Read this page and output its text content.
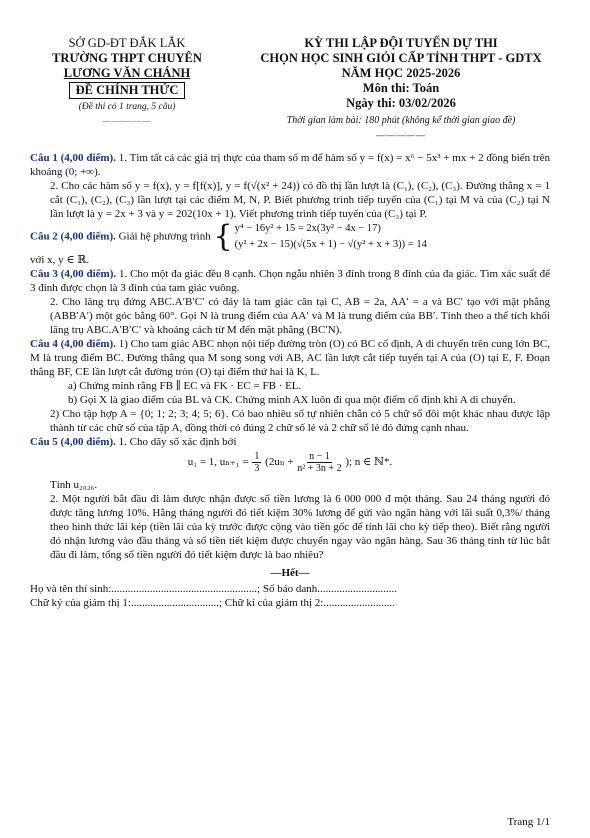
SỞ GD-ĐT ĐẮK LẮK
TRƯỜNG THPT CHUYÊN
LƯƠNG VĂN CHÁNH
ĐỀ CHÍNH THỨC
(Đề thi có 1 trang, 5 câu)
—————
KỲ THI LẬP ĐỘI TUYỂN DỰ THI
CHỌN HỌC SINH GIỎI CẤP TỈNH THPT - GDTX
NĂM HỌC 2025-2026
Môn thi: Toán
Ngày thi: 03/02/2026
Thời gian làm bài: 180 phút (không kể thời gian giao đề)
—————

Câu 1 (4,00 điểm). 1. Tìm tất cả các giá trị thực của tham số m để hàm số y = f(x) = x⁶ − 5x³ + mx + 2 đồng biến trên khoảng (0; +∞).

2. Cho các hàm số y = f(x), y = f[f(x)], y = f(√(x² + 24)) có đồ thị lần lượt là (C₁), (C₂), (C₃). Đường thẳng x = 1 cắt (C₁), (C₂), (C₃) lần lượt tại các điểm M, N, P. Biết phương trình tiếp tuyến của (C₁) tại M và của (C₂) tại N lần lượt là y = 2x + 3 và y = 202(10x + 1). Viết phương trình tiếp tuyến của (C₃) tại P.

Câu 2 (4,00 điểm). Giải hệ phương trình { y⁴ − 16y² + 15 = 2x(3y² − 4x − 17)
(y² + 2x − 15)(√(5x + 1) − √(y² + x + 3)) = 14

với x, y ∈ ℝ.

Câu 3 (4,00 điểm). 1. Cho một đa giác đều 8 cạnh. Chọn ngẫu nhiên 3 đỉnh trong 8 đỉnh của đa giác. Tìm xác suất để 3 đỉnh được chọn là 3 đỉnh của tam giác vuông.

2. Cho lăng trụ đứng ABC.A′B′C′ có đáy là tam giác cân tại C, AB = 2a, AA′ = a và BC′ tạo với mặt phẳng (ABB′A′) một góc bằng 60°. Gọi N là trung điểm của AA′ và M là trung điểm của BB′. Tính theo a thể tích khối lăng trụ ABC.A′B′C′ và khoảng cách từ M đến mặt phẳng (BC′N).

Câu 4 (4,00 điểm). 1) Cho tam giác ABC nhọn nội tiếp đường tròn (O) có BC cố định, A di chuyển trên cung lớn BC, M là trung điểm BC. Đường thẳng qua M song song với AB, AC lần lượt cắt tiếp tuyến tại A của (O) tại E, F. Đoạn thẳng BF, CE lần lượt cắt đường tròn (O) tại điểm thứ hai là K, L.

a) Chứng minh rằng FB ∥ EC và FK · EC = FB · EL.

b) Gọi X là giao điểm của BL và CK. Chứng minh AX luôn đi qua một điểm cố định khi A di chuyển.

2) Cho tập hợp A = {0; 1; 2; 3; 4; 5; 6}. Có bao nhiêu số tự nhiên chẵn có 5 chữ số đôi một khác nhau được lập thành từ các chữ số của tập A, đồng thời có đúng 2 chữ số lẻ và 2 chữ số lẻ đó đứng cạnh nhau.

Câu 5 (4,00 điểm). 1. Cho dãy số xác định bởi

u₁ = 1, $u_{n+1} = \frac{1}{3} (2u_n + \frac{n - 1}{\text{n² + 3n + 2}}$ ); n ∈ ℕ*.

Tính u₂₀₂₆.

2. Một người bắt đầu đi làm được nhận được số tiền lương là 6 000 000 đ một tháng. Sau 24 tháng người đó được tăng lương 10%. Hằng tháng người đó tiết kiệm 30% lương để gửi vào ngân hàng với lãi suất 0,3%/ tháng theo hình thức lãi kép (tiền lãi của kỳ trước được cộng vào tiền gốc để tính lãi cho kỳ tiếp theo). Biết rằng người đó nhận lương vào đầu tháng và số tiền tiết kiệm được chuyển ngay vào ngân hàng. Sau 36 tháng tính từ lúc bắt đầu đi làm, tổng số tiền người đó tiết kiệm được là bao nhiêu?

—Hết—
Họ và tên thí sinh:.....................................................; Số báo danh.............................
Chữ ký của giám thị 1:................................; Chữ kí của giám thị 2:..........................
Trang 1/1
